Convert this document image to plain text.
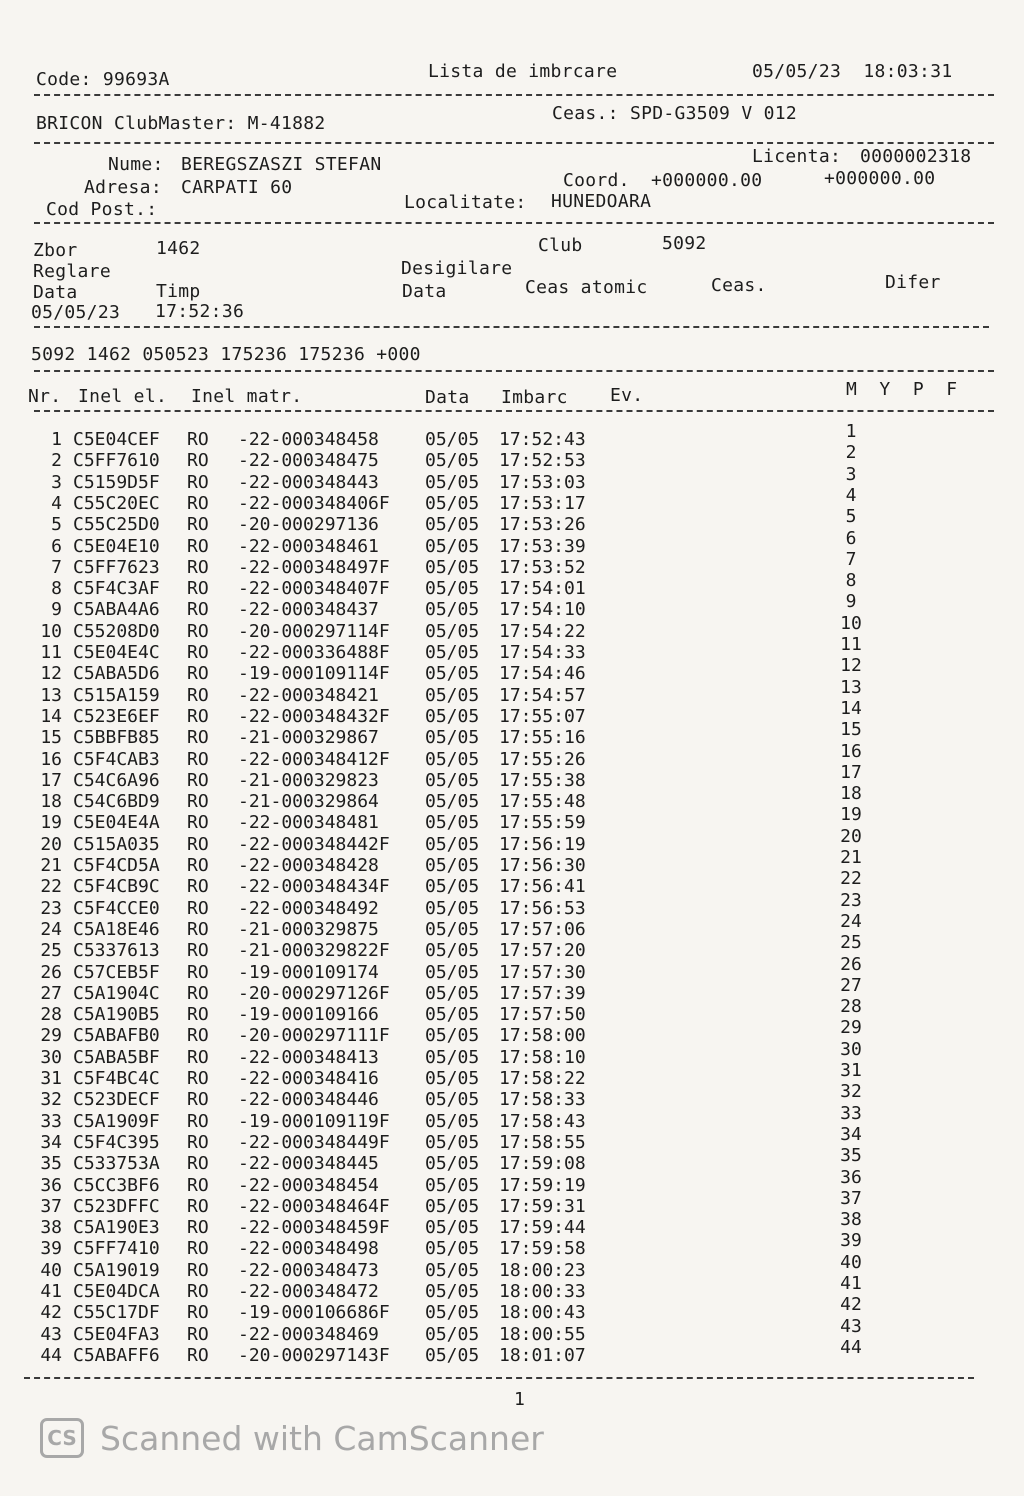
Code: 99693A	Lista de imbrcare	05/05/23  18:03:31
BRICON ClubMaster: M-41882	Ceas.: SPD-G3509 V 012
Nume: BEREGSZASZI STEFAN	Licenta: 0000002318
Adresa: CARPATI 60	Coord. +000000.00	+000000.00
Cod Post.:	Localitate: HUNEDOARA
Zbor	1462	Club	5092
Reglare	Desigilare
Data	Timp	Data	Ceas atomic	Ceas.	Difer
05/05/23 17:52:36
5092 1462 050523 175236 175236 +000
Nr. Inel el. Inel matr.	Data Imbarc Ev.	M  Y  P  F
1 C5E04CEF RO -22-000348458	05/05 17:52:43	1
2 C5FF7610 RO -22-000348475	05/05 17:52:53	2
3 C5159D5F RO -22-000348443	05/05 17:53:03	3
4 C55C20EC RO -22-000348406F 05/05 17:53:17	4
5 C55C25D0 RO -20-000297136	05/05 17:53:26	5
6 C5E04E10 RO -22-000348461	05/05 17:53:39	6
7 C5FF7623 RO -22-000348497F 05/05 17:53:52	7
8 C5F4C3AF RO -22-000348407F 05/05 17:54:01	8
9 C5ABA4A6 RO -22-000348437	05/05 17:54:10	9
10 C55208D0 RO -20-000297114F 05/05 17:54:22	10
11 C5E04E4C RO -22-000336488F 05/05 17:54:33	11
12 C5ABA5D6 RO -19-000109114F 05/05 17:54:46	12
13 C515A159 RO -22-000348421	05/05 17:54:57	13
14 C523E6EF RO -22-000348432F 05/05 17:55:07	14
15 C5BBFB85 RO -21-000329867	05/05 17:55:16	15
16 C5F4CAB3 RO -22-000348412F 05/05 17:55:26	16
17 C54C6A96 RO -21-000329823	05/05 17:55:38	17
18 C54C6BD9 RO -21-000329864	05/05 17:55:48	18
19 C5E04E4A RO -22-000348481	05/05 17:55:59	19
20 C515A035 RO -22-000348442F 05/05 17:56:19	20
21 C5F4CD5A RO -22-000348428	05/05 17:56:30	21
22 C5F4CB9C RO -22-000348434F 05/05 17:56:41	22
23 C5F4CCE0 RO -22-000348492	05/05 17:56:53	23
24 C5A18E46 RO -21-000329875	05/05 17:57:06	24
25 C5337613 RO -21-000329822F 05/05 17:57:20	25
26 C57CEB5F RO -19-000109174	05/05 17:57:30	26
27 C5A1904C RO -20-000297126F 05/05 17:57:39	27
28 C5A190B5 RO -19-000109166	05/05 17:57:50	28
29 C5ABAFB0 RO -20-000297111F 05/05 17:58:00	29
30 C5ABA5BF RO -22-000348413	05/05 17:58:10	30
31 C5F4BC4C RO -22-000348416	05/05 17:58:22	31
32 C523DECF RO -22-000348446	05/05 17:58:33	32
33 C5A1909F RO -19-000109119F 05/05 17:58:43	33
34 C5F4C395 RO -22-000348449F 05/05 17:58:55	34
35 C533753A RO -22-000348445	05/05 17:59:08	35
36 C5CC3BF6 RO -22-000348454	05/05 17:59:19	36
37 C523DFFC RO -22-000348464F 05/05 17:59:31	37
38 C5A190E3 RO -22-000348459F 05/05 17:59:44	38
39 C5FF7410 RO -22-000348498	05/05 17:59:58	39
40 C5A19019 RO -22-000348473	05/05 18:00:23	40
41 C5E04DCA RO -22-000348472	05/05 18:00:33	41
42 C55C17DF RO -19-000106686F 05/05 18:00:43	42
43 C5E04FA3 RO -22-000348469	05/05 18:00:55	43
44 C5ABAFF6 RO -20-000297143F 05/05 18:01:07	44
1
CS Scanned with CamScanner
